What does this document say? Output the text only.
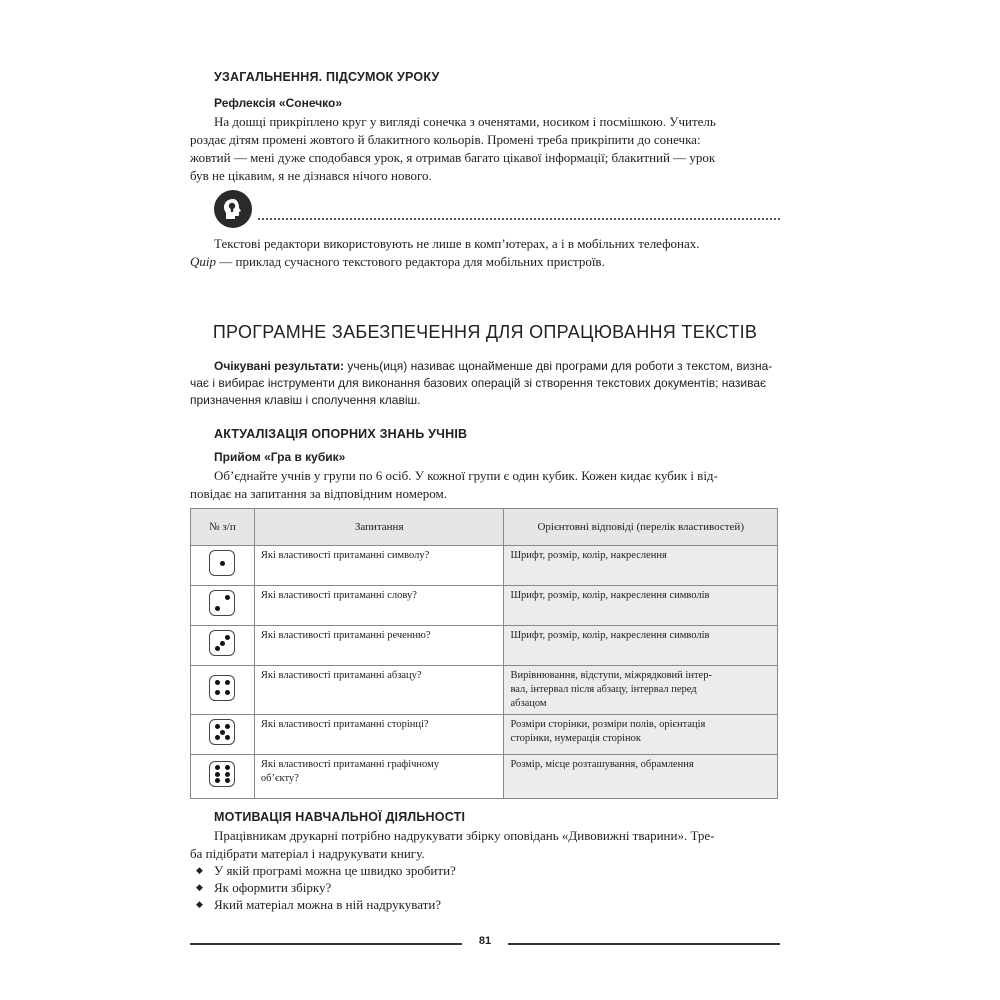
УЗАГАЛЬНЕННЯ. ПІДСУМОК УРОКУ
Рефлексія «Сонечко»
На дошці прикріплено круг у вигляді сонечка з оченятами, носиком і посмішкою. Учитель
роздає дітям промені жовтого й блакитного кольорів. Промені треба прикріпити до сонечка:
жовтий — мені дуже сподобався урок, я отримав багато цікавої інформації; блакитний — урок
був не цікавим, я не дізнався нічого нового.
Текстові редактори використовують не лише в комп’ютерах, а і в мобільних телефонах.
Quip — приклад сучасного текстового редактора для мобільних пристроїв.
ПРОГРАМНЕ ЗАБЕЗПЕЧЕННЯ ДЛЯ ОПРАЦЮВАННЯ ТЕКСТІВ
Очікувані результати: учень(иця) називає щонайменше дві програми для роботи з текстом, визна-
чає і вибирає інструменти для виконання базових операцій зі створення текстових документів; називає
призначення клавіш і сполучення клавіш.
АКТУАЛІЗАЦІЯ ОПОРНИХ ЗНАНЬ УЧНІВ
Прийом «Гра в кубик»
Об’єднайте учнів у групи по 6 осіб. У кожної групи є один кубик. Кожен кидає кубик і від-
повідає на запитання за відповідним номером.
№ з/п	Запитання	Орієнтовні відповіді (перелік властивостей)

	Які властивості притаманні символу?	Шрифт, розмір, колір, накреслення

	Які властивості притаманні слову?	Шрифт, розмір, колір, накреслення символів

	Які властивості притаманні реченню?	Шрифт, розмір, колір, накреслення символів

	Які властивості притаманні абзацу?	Вирівнювання, відступи, міжрядковий інтер-
вал, інтервал після абзацу, інтервал перед
абзацом

	Які властивості притаманні сторінці?	Розміри сторінки, розміри полів, орієнтація
сторінки, нумерація сторінок

	Які властивості притаманні графічному
об’єкту?	Розмір, місце розташування, обрамлення
МОТИВАЦІЯ НАВЧАЛЬНОЇ ДІЯЛЬНОСТІ
Працівникам друкарні потрібно надрукувати збірку оповідань «Дивовижні тварини». Тре-
ба підібрати матеріал і надрукувати книгу.
◆ У якій програмі можна це швидко зробити?
◆ Як оформити збірку?
◆ Який матеріал можна в ній надрукувати?
81
